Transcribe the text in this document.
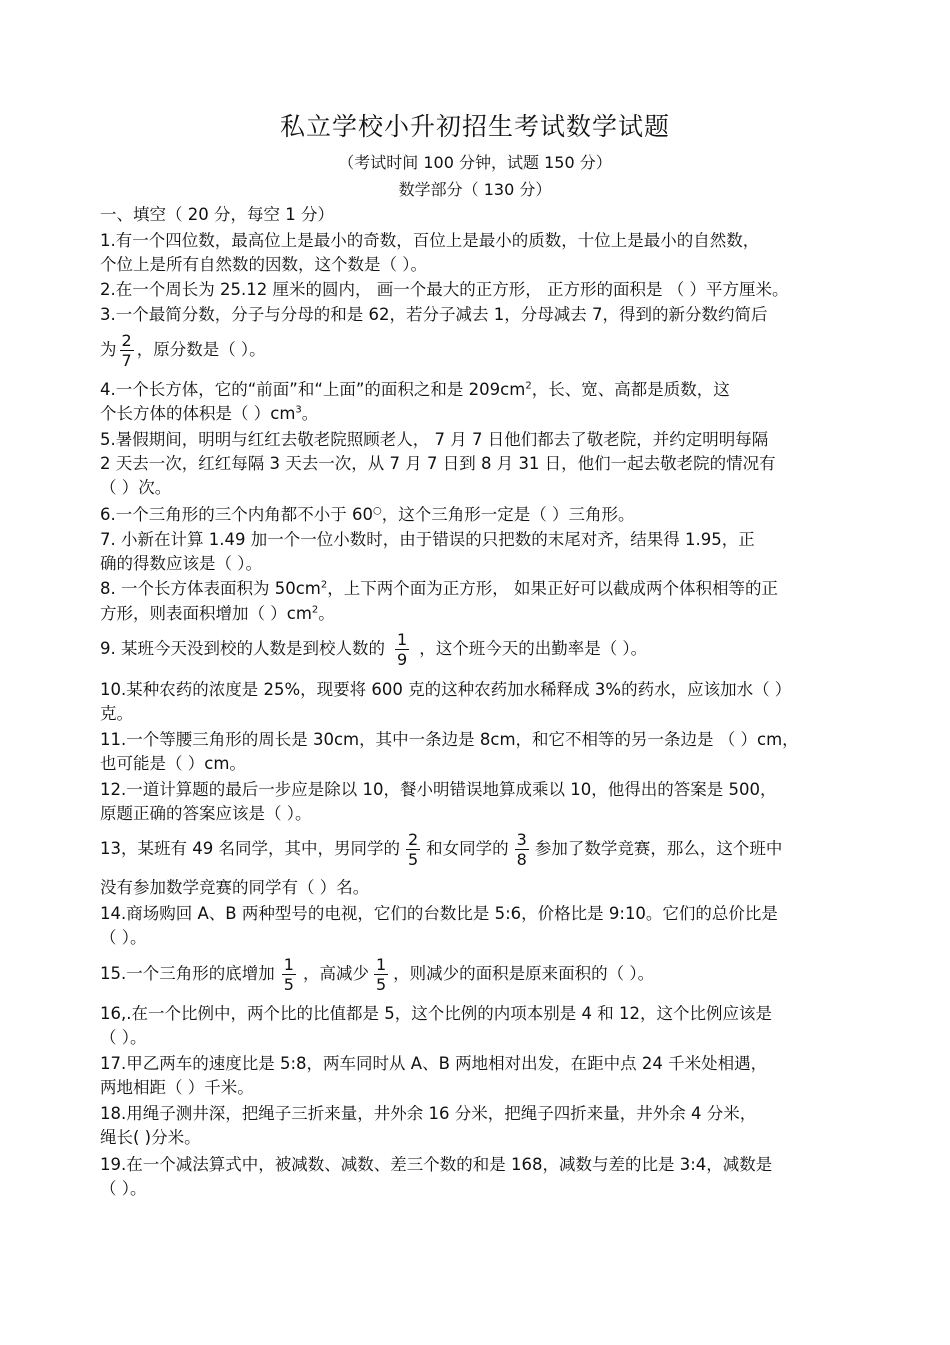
私立学校小升初招生考试数学试题
（考试时间 100 分钟，试题 150 分）
数学部分（ 130 分）
一、填空（ 20 分，每空 1 分）
1.有一个四位数，最高位上是最小的奇数，百位上是最小的质数，十位上是最小的自然数，
个位上是所有自然数的因数，这个数是（ ）。
2.在一个周长为 25.12 厘米的圆内， 画一个最大的正方形， 正方形的面积是 （ ）平方厘米。
3.一个最简分数，分子与分母的和是 62，若分子减去 1，分母减去 7，得到的新分数约简后
为 $\frac{2}{7}$ ，原分数是（ ）。
4.一个长方体，它的“前面”和“上面”的面积之和是 $209cm^2$，长、宽、高都是质数，这
个长方体的体积是（ ）$cm^3$。
5.暑假期间，明明与红红去敬老院照顾老人， 7 月 7 日他们都去了敬老院，并约定明明每隔
2 天去一次，红红每隔 3 天去一次，从 7 月 7 日到 8 月 31 日，他们一起去敬老院的情况有
（ ）次。
6.一个三角形的三个内角都不小于 60○，这个三角形一定是（ ）三角形。
7. 小新在计算 1.49 加一个一位小数时，由于错误的只把数的末尾对齐，结果得 1.95，正
确的得数应该是（ ）。
8. 一个长方体表面积为 $50cm^2$，上下两个面为正方形， 如果正好可以截成两个体积相等的正
方形，则表面积增加（ ）$cm^2$。
9. 某班今天没到校的人数是到校人数的 $\frac{1}{9}$ ，这个班今天的出勤率是（ ）。
10.某种农药的浓度是 25%，现要将 600 克的这种农药加水稀释成 3%的药水，应该加水（ ）
克。
11.一个等腰三角形的周长是 30cm，其中一条边是 8cm，和它不相等的另一条边是 （ ）cm，
也可能是（ ）cm。
12.一道计算题的最后一步应是除以 10，餐小明错误地算成乘以 10，他得出的答案是 500，
原题正确的答案应该是（ ）。
13，某班有 49 名同学，其中，男同学的 $\frac{2}{5}$ 和女同学的 $\frac{3}{8}$ 参加了数学竞赛，那么，这个班中
没有参加数学竞赛的同学有（ ）名。
14.商场购回 A、B 两种型号的电视，它们的台数比是 5:6，价格比是 9:10。它们的总价比是
（ ）。
15.一个三角形的底增加 $\frac{1}{5}$ ，高减少 $\frac{1}{5}$ ，则减少的面积是原来面积的（ ）。
16,.在一个比例中，两个比的比值都是 5，这个比例的内项本别是 4 和 12，这个比例应该是
（ ）。
17.甲乙两车的速度比是 5:8，两车同时从 A、B 两地相对出发，在距中点 24 千米处相遇，
两地相距（ ）千米。
18.用绳子测井深，把绳子三折来量，井外余 16 分米，把绳子四折来量，井外余 4 分米，
绳长( )分米。
19.在一个减法算式中，被减数、减数、差三个数的和是 168，减数与差的比是 3:4，减数是
（ ）。
